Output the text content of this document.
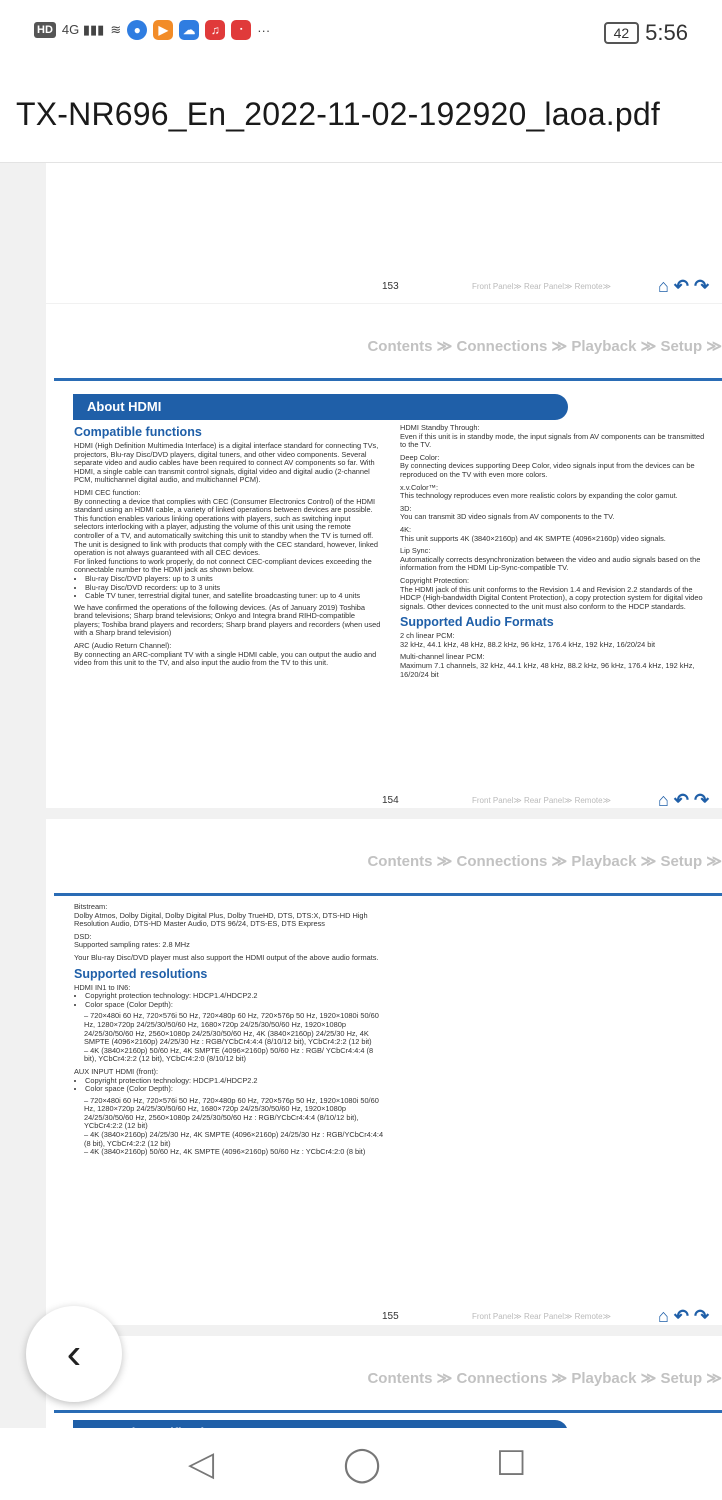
HD 4G ▮▮▮ ≋	●	▶	☁	♫	▪	···	42 5:56
TX-NR696_En_2022-11-02-192920_laoa.pdf
153	Front Panel≫ Rear Panel≫ Remote≫	⌂ ↶ ↷
Contents ≫ Connections ≫ Playback ≫ Setup ≫
About HDMI
Compatible functions

HDMI (High Definition Multimedia Interface) is a digital interface standard for connecting TVs, projectors, Blu-ray Disc/DVD players, digital tuners, and other video components. Several separate video and audio cables have been required to connect AV components so far. With HDMI, a single cable can transmit control signals, digital video and digital audio (2-channel PCM, multichannel digital audio, and multichannel PCM).

HDMI CEC function:
By connecting a device that complies with CEC (Consumer Electronics Control) of the HDMI standard using an HDMI cable, a variety of linked operations between devices are possible. This function enables various linking operations with players, such as switching input selectors interlocking with a player, adjusting the volume of this unit using the remote controller of a TV, and automatically switching this unit to standby when the TV is turned off.
The unit is designed to link with products that comply with the CEC standard, however, linked operation is not always guaranteed with all CEC devices.
For linked functions to work properly, do not connect CEC-compliant devices exceeding the connectable number to the HDMI jack as shown below.
• Blu-ray Disc/DVD players: up to 3 units
• Blu-ray Disc/DVD recorders: up to 3 units
• Cable TV tuner, terrestrial digital tuner, and satellite broadcasting tuner: up to 4 units

We have confirmed the operations of the following devices. (As of January 2019) Toshiba brand televisions; Sharp brand televisions; Onkyo and Integra brand RIHD-compatible players; Toshiba brand players and recorders; Sharp brand players and recorders (when used with a Sharp brand television)

ARC (Audio Return Channel):
By connecting an ARC-compliant TV with a single HDMI cable, you can output the audio and video from this unit to the TV, and also input the audio from the TV to this unit.
HDMI Standby Through:

Even if this unit is in standby mode, the input signals from AV components can be transmitted to the TV.

Deep Color:

By connecting devices supporting Deep Color, video signals input from the devices can be reproduced on the TV with even more colors.

x.v.Color™:

This technology reproduces even more realistic colors by expanding the color gamut.

3D:

You can transmit 3D video signals from AV components to the TV.

4K:

This unit supports 4K (3840×2160p) and 4K SMPTE (4096×2160p) video signals.

Lip Sync:

Automatically corrects desynchronization between the video and audio signals based on the information from the HDMI Lip-Sync-compatible TV.

Copyright Protection:

The HDMI jack of this unit conforms to the Revision 1.4 and Revision 2.2 standards of the HDCP (High-bandwidth Digital Content Protection), a copy protection system for digital video signals. Other devices connected to the unit must also conform to the HDCP standards.

Supported Audio Formats
2 ch linear PCM:

32 kHz, 44.1 kHz, 48 kHz, 88.2 kHz, 96 kHz, 176.4 kHz, 192 kHz, 16/20/24 bit

Multi-channel linear PCM:

Maximum 7.1 channels, 32 kHz, 44.1 kHz, 48 kHz, 88.2 kHz, 96 kHz, 176.4 kHz, 192 kHz, 16/20/24 bit

154	Front Panel≫ Rear Panel≫ Remote≫	⌂ ↶ ↷
Contents ≫ Connections ≫ Playback ≫ Setup ≫
Bitstream:

Dolby Atmos, Dolby Digital, Dolby Digital Plus, Dolby TrueHD, DTS, DTS:X, DTS-HD High Resolution Audio, DTS-HD Master Audio, DTS 96/24, DTS-ES, DTS Express

DSD:

Supported sampling rates: 2.8 MHz

Your Blu-ray Disc/DVD player must also support the HDMI output of the above audio formats.

Supported resolutions
HDMI IN1 to IN6:
• Copyright protection technology: HDCP1.4/HDCP2.2
• Color space (Color Depth):
– 720×480i 60 Hz, 720×576i 50 Hz, 720×480p 60 Hz, 720×576p 50 Hz, 1920×1080i 50/60 Hz, 1280×720p 24/25/30/50/60 Hz, 1680×720p 24/25/30/50/60 Hz, 1920×1080p 24/25/30/50/60 Hz, 2560×1080p 24/25/30/50/60 Hz, 4K (3840×2160p) 24/25/30 Hz, 4K SMPTE (4096×2160p) 24/25/30 Hz : RGB/YCbCr4:4:4 (8/10/12 bit), YCbCr4:2:2 (12 bit)
– 4K (3840×2160p) 50/60 Hz, 4K SMPTE (4096×2160p) 50/60 Hz : RGB/ YCbCr4:4:4 (8 bit), YCbCr4:2:2 (12 bit), YCbCr4:2:0 (8/10/12 bit)
AUX INPUT HDMI (front):
• Copyright protection technology: HDCP1.4/HDCP2.2
• Color space (Color Depth):
– 720×480i 60 Hz, 720×576i 50 Hz, 720×480p 60 Hz, 720×576p 50 Hz, 1920×1080i 50/60 Hz, 1280×720p 24/25/30/50/60 Hz, 1680×720p 24/25/30/50/60 Hz, 1920×1080p 24/25/30/50/60 Hz, 2560×1080p 24/25/30/50/60 Hz : RGB/YCbCr4:4:4 (8/10/12 bit), YCbCr4:2:2 (12 bit)
– 4K (3840×2160p) 24/25/30 Hz, 4K SMPTE (4096×2160p) 24/25/30 Hz : RGB/YCbCr4:4:4 (8 bit), YCbCr4:2:2 (12 bit)
– 4K (3840×2160p) 50/60 Hz, 4K SMPTE (4096×2160p) 50/60 Hz : YCbCr4:2:0 (8 bit)
155	Front Panel≫ Rear Panel≫ Remote≫	⌂ ↶ ↷
Contents ≫ Connections ≫ Playback ≫ Setup ≫
‹
◁	◯	☐
